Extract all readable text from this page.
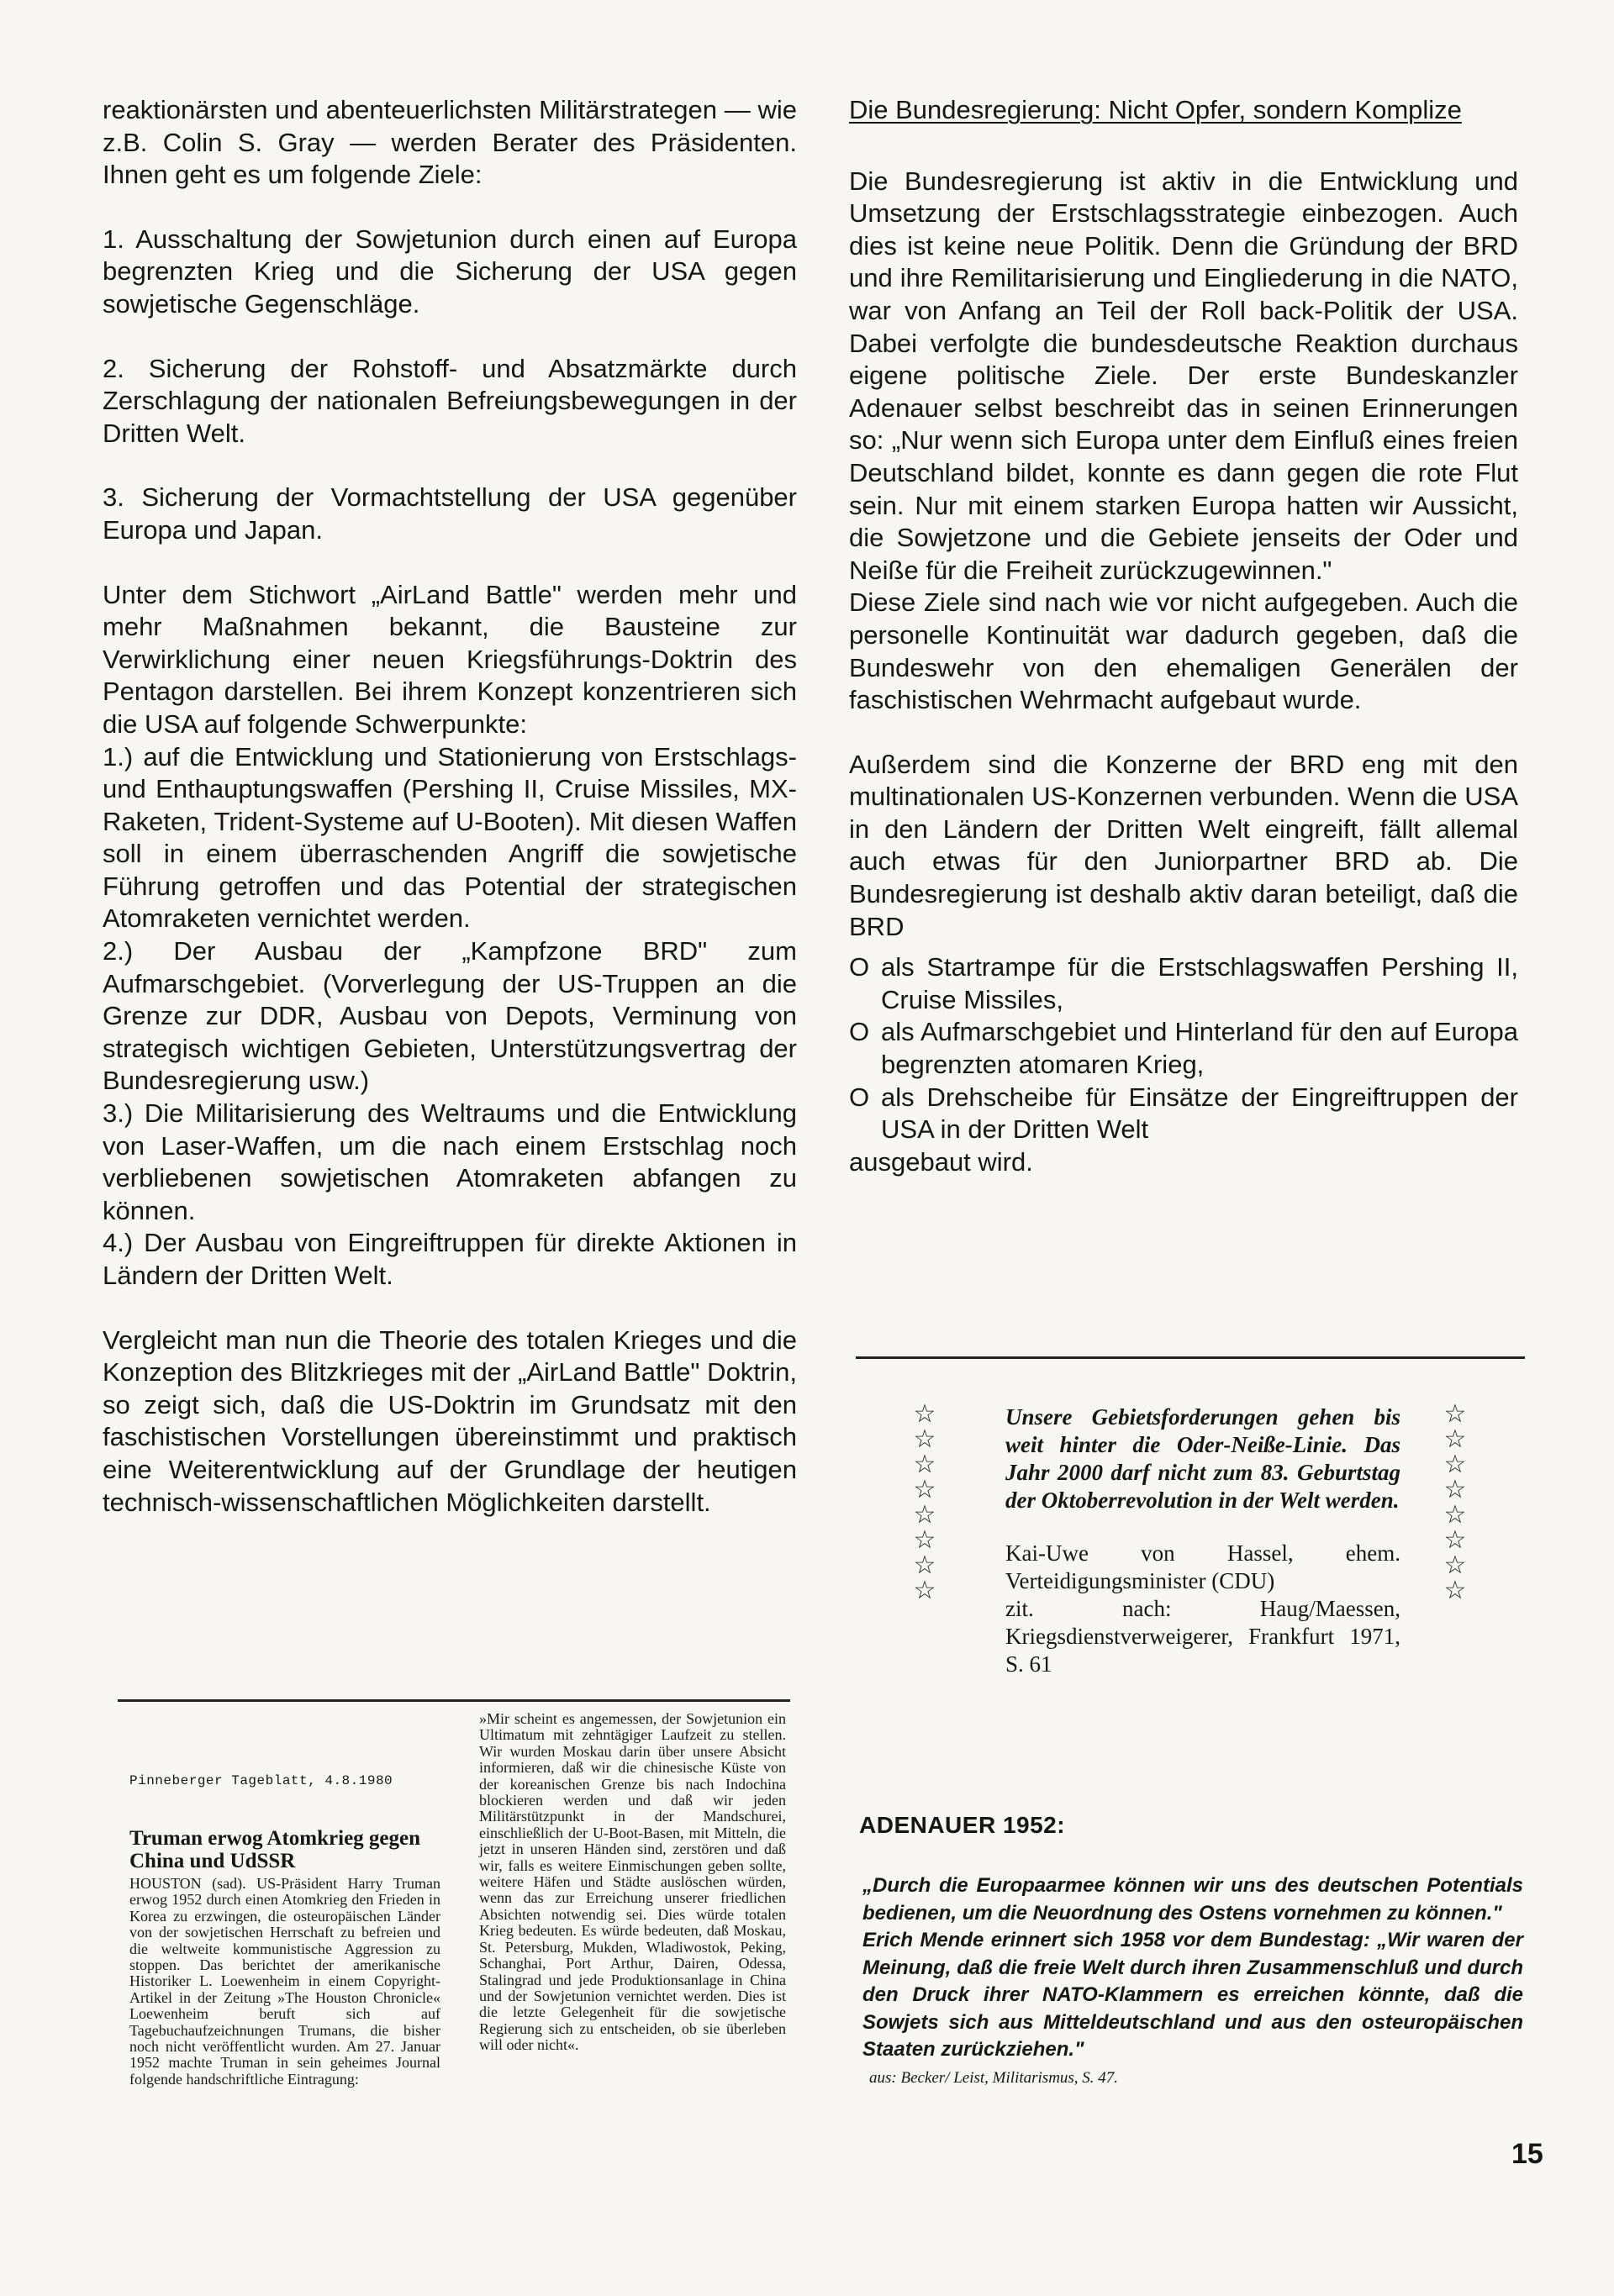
reaktionärsten und abenteuerlichsten Militärstrategen — wie z.B. Colin S. Gray — werden Berater des Präsidenten. Ihnen geht es um folgende Ziele:

1. Ausschaltung der Sowjetunion durch einen auf Europa begrenzten Krieg und die Sicherung der USA gegen sowjetische Gegenschläge.

2. Sicherung der Rohstoff- und Absatzmärkte durch Zerschlagung der nationalen Befreiungsbewegungen in der Dritten Welt.

3. Sicherung der Vormachtstellung der USA gegenüber Europa und Japan.

Unter dem Stichwort „AirLand Battle" werden mehr und mehr Maßnahmen bekannt, die Bausteine zur Verwirklichung einer neuen Kriegsführungs-Doktrin des Pentagon darstellen. Bei ihrem Konzept konzentrieren sich die USA auf folgende Schwerpunkte:

1.) auf die Entwicklung und Stationierung von Erstschlags- und Enthauptungswaffen (Pershing II, Cruise Missiles, MX-Raketen, Trident-Systeme auf U-Booten). Mit diesen Waffen soll in einem überraschenden Angriff die sowjetische Führung getroffen und das Potential der strategischen Atomraketen vernichtet werden.

2.) Der Ausbau der „Kampfzone BRD" zum Aufmarschgebiet. (Vorverlegung der US-Truppen an die Grenze zur DDR, Ausbau von Depots, Verminung von strategisch wichtigen Gebieten, Unterstützungsvertrag der Bundesregierung usw.)

3.) Die Militarisierung des Weltraums und die Entwicklung von Laser-Waffen, um die nach einem Erstschlag noch verbliebenen sowjetischen Atomraketen abfangen zu können.

4.) Der Ausbau von Eingreiftruppen für direkte Aktionen in Ländern der Dritten Welt.

Vergleicht man nun die Theorie des totalen Krieges und die Konzeption des Blitzkrieges mit der „AirLand Battle" Doktrin, so zeigt sich, daß die US-Doktrin im Grundsatz mit den faschistischen Vorstellungen übereinstimmt und praktisch eine Weiterentwicklung auf der Grundlage der heutigen technisch-wissenschaftlichen Möglichkeiten darstellt.

Pinneberger Tageblatt, 4.8.1980
Truman erwog Atomkrieg gegen China und UdSSR
HOUSTON (sad). US-Präsident Harry Truman erwog 1952 durch einen Atomkrieg den Frieden in Korea zu erzwingen, die osteuropäischen Länder von der sowjetischen Herrschaft zu befreien und die weltweite kommunistische Aggression zu stoppen. Das berichtet der amerikanische Historiker L. Loewenheim in einem Copyright-Artikel in der Zeitung »The Houston Chronicle« Loewenheim beruft sich auf Tagebuchaufzeichnungen Trumans, die bisher noch nicht veröffentlicht wurden. Am 27. Januar 1952 machte Truman in sein geheimes Journal folgende handschriftliche Eintragung:
»Mir scheint es angemessen, der Sowjetunion ein Ultimatum mit zehntägiger Laufzeit zu stellen. Wir wurden Moskau darin über unsere Absicht informieren, daß wir die chinesische Küste von der koreanischen Grenze bis nach Indochina blockieren werden und daß wir jeden Militärstützpunkt in der Mandschurei, einschließlich der U-Boot-Basen, mit Mitteln, die jetzt in unseren Händen sind, zerstören und daß wir, falls es weitere Einmischungen geben sollte, weitere Häfen und Städte auslöschen würden, wenn das zur Erreichung unserer friedlichen Absichten notwendig sei. Dies würde totalen Krieg bedeuten. Es würde bedeuten, daß Moskau, St. Petersburg, Mukden, Wladiwostok, Peking, Schanghai, Port Arthur, Dairen, Odessa, Stalingrad und jede Produktionsanlage in China und der Sowjetunion vernichtet werden. Dies ist die letzte Gelegenheit für die sowjetische Regierung sich zu entscheiden, ob sie überleben will oder nicht«.

Die Bundesregierung: Nicht Opfer, sondern Komplize

Die Bundesregierung ist aktiv in die Entwicklung und Umsetzung der Erstschlagsstrategie einbezogen. Auch dies ist keine neue Politik. Denn die Gründung der BRD und ihre Remilitarisierung und Eingliederung in die NATO, war von Anfang an Teil der Roll back-Politik der USA. Dabei verfolgte die bundesdeutsche Reaktion durchaus eigene politische Ziele. Der erste Bundeskanzler Adenauer selbst beschreibt das in seinen Erinnerungen so: „Nur wenn sich Europa unter dem Einfluß eines freien Deutschland bildet, konnte es dann gegen die rote Flut sein. Nur mit einem starken Europa hatten wir Aussicht, die Sowjetzone und die Gebiete jenseits der Oder und Neiße für die Freiheit zurückzugewinnen."

Diese Ziele sind nach wie vor nicht aufgegeben. Auch die personelle Kontinuität war dadurch gegeben, daß die Bundeswehr von den ehemaligen Generälen der faschistischen Wehrmacht aufgebaut wurde.

Außerdem sind die Konzerne der BRD eng mit den multinationalen US-Konzernen verbunden. Wenn die USA in den Ländern der Dritten Welt eingreift, fällt allemal auch etwas für den Juniorpartner BRD ab. Die Bundesregierung ist deshalb aktiv daran beteiligt, daß die BRD

O als Startrampe für die Erstschlagswaffen Pershing II, Cruise Missiles,
O als Aufmarschgebiet und Hinterland für den auf Europa begrenzten atomaren Krieg,
O als Drehscheibe für Einsätze der Eingreiftruppen der USA in der Dritten Welt

ausgebaut wird.

☆☆☆☆☆☆☆☆
☆☆☆☆☆☆☆☆

Unsere Gebietsforderungen gehen bis weit hinter die Oder-Neiße-Linie. Das Jahr 2000 darf nicht zum 83. Geburtstag der Oktoberrevolution in der Welt werden.

Kai-Uwe von Hassel, ehem. Verteidigungsminister (CDU)

zit. nach: Haug/Maessen, Kriegsdienstverweigerer, Frankfurt 1971, S. 61

ADENAUER 1952:

„Durch die Europaarmee können wir uns des deutschen Potentials bedienen, um die Neuordnung des Ostens vornehmen zu können."

Erich Mende erinnert sich 1958 vor dem Bundestag: „Wir waren der Meinung, daß die freie Welt durch ihren Zusammenschluß und durch den Druck ihrer NATO-Klammern es erreichen könnte, daß die Sowjets sich aus Mitteldeutschland und aus den osteuropäischen Staaten zurückziehen."

aus: Becker/ Leist, Militarismus, S. 47.

15
